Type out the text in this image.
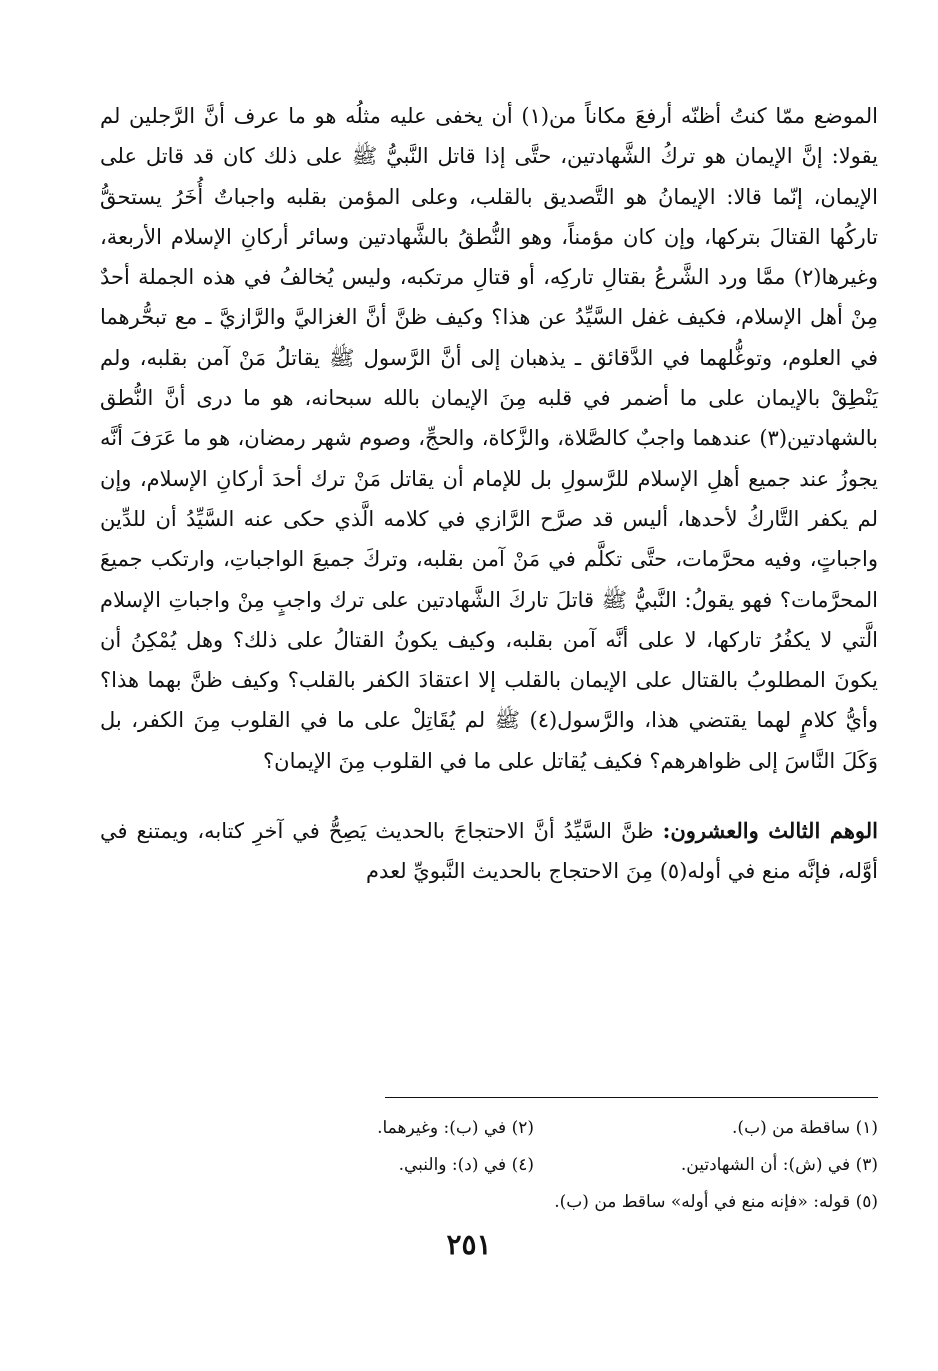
الموضع ممّا كنتُ أظنّه أرفعَ مكاناً من(١) أن يخفى عليه مثلُه هو ما عرف أنَّ الرَّجلين لم يقولا: إنَّ الإيمان هو تركُ الشَّهادتين، حتَّى إذا قاتل النَّبيُّ ﷺ على ذلك كان قد قاتل على الإيمان، إنّما قالا: الإيمانُ هو التَّصديق بالقلب، وعلى المؤمن بقلبه واجباتٌ أُخَرُ يستحقُّ تاركُها القتالَ بتركها، وإن كان مؤمناً، وهو النُّطقُ بالشَّهادتين وسائر أركانِ الإسلام الأربعة، وغيرها(٢) ممَّا ورد الشَّرعُ بقتالِ تاركِه، أو قتالِ مرتكبه، وليس يُخالفُ في هذه الجملة أحدٌ مِنْ أهل الإسلام، فكيف غفل السَّيِّدُ عن هذا؟ وكيف ظنَّ أنَّ الغزاليَّ والرَّازيَّ ـ مع تبحُّرهما في العلوم، وتوغُّلهما في الدَّقائق ـ يذهبان إلى أنَّ الرَّسول ﷺ يقاتلُ مَنْ آمن بقلبه، ولم يَنْطِقْ بالإيمان على ما أضمر في قلبه مِنَ الإيمان بالله سبحانه، هو ما درى أنَّ النُّطق بالشهادتين(٣) عندهما واجبٌ كالصَّلاة، والزَّكاة، والحجِّ، وصوم شهر رمضان، هو ما عَرَفَ أنَّه يجوزُ عند جميع أهلِ الإسلام للرَّسولِ بل للإمام أن يقاتل مَنْ ترك أحدَ أركانِ الإسلام، وإن لم يكفر التَّاركُ لأحدها، أليس قد صرَّح الرَّازي في كلامه الَّذي حكى عنه السَّيِّدُ أن للدِّين واجباتٍ، وفيه محرَّمات، حتَّى تكلَّم في مَنْ آمن بقلبه، وتركَ جميعَ الواجباتِ، وارتكب جميعَ المحرَّمات؟ فهو يقولُ: النَّبيُّ ﷺ قاتلَ تاركَ الشَّهادتين على ترك واجبٍ مِنْ واجباتِ الإسلام الَّتي لا يكفُرُ تاركها، لا على أنَّه آمن بقلبه، وكيف يكونُ القتالُ على ذلك؟ وهل يُمْكِنُ أن يكونَ المطلوبُ بالقتال على الإيمان بالقلب إلا اعتقادَ الكفر بالقلب؟ وكيف ظنَّ بهما هذا؟ وأيُّ كلامٍ لهما يقتضي هذا، والرَّسول(٤) ﷺ لم يُقَاتِلْ على ما في القلوب مِنَ الكفر، بل وَكَلَ النَّاسَ إلى ظواهرهم؟ فكيف يُقاتل على ما في القلوب مِنَ الإيمان؟

الوهم الثالث والعشرون: ظنَّ السَّيِّدُ أنَّ الاحتجاجَ بالحديث يَصِحُّ في آخرِ كتابه، ويمتنع في أوَّله، فإنَّه منع في أوله(٥) مِنَ الاحتجاج بالحديث النَّبويِّ لعدم

(١) ساقطة من (ب).
(٢) في (ب): وغيرهما.
(٣) في (ش): أن الشهادتين.
(٤) في (د): والنبي.
(٥) قوله: «فإنه منع في أوله» ساقط من (ب).
٢٥١
